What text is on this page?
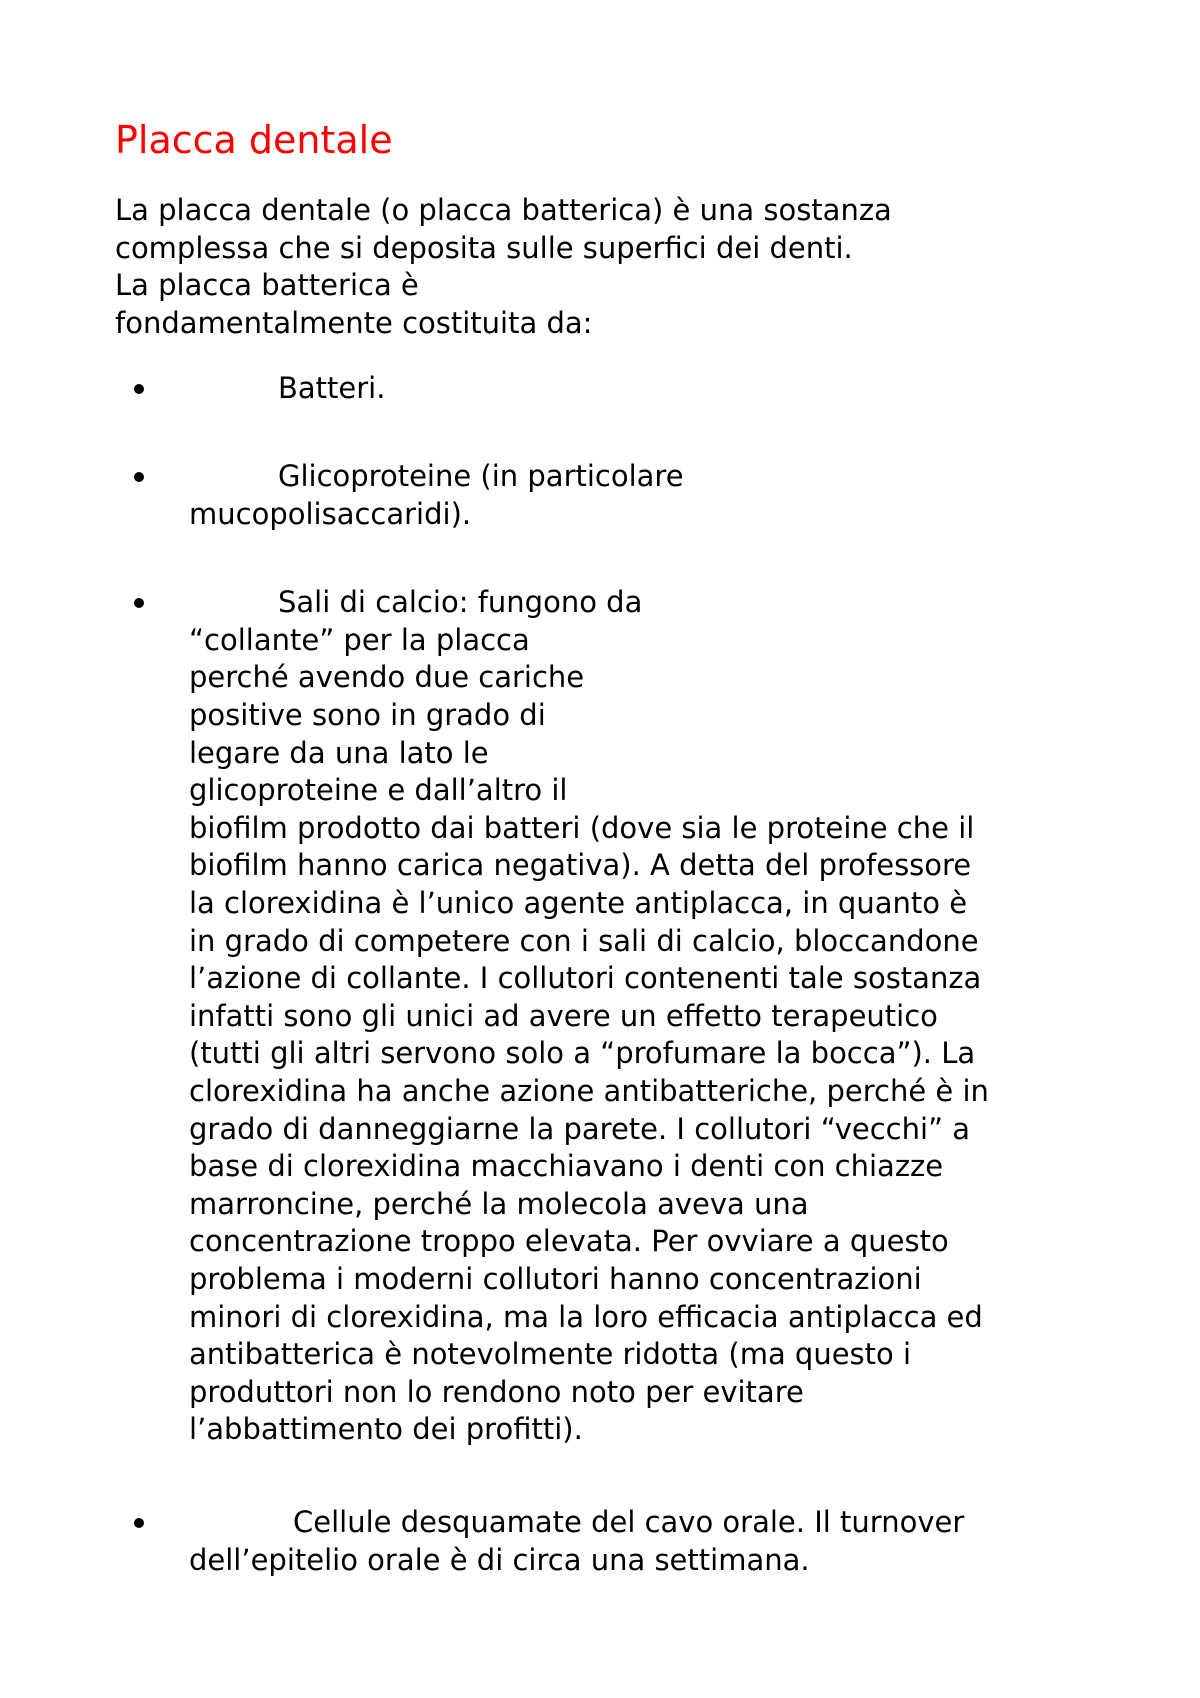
Placca dentale
La placca dentale (o placca batterica) è una sostanza
complessa che si deposita sulle superfici dei denti.
La placca batterica è
fondamentalmente costituita da:
Batteri.
Glicoproteine (in particolare
mucopolisaccaridi).
Sali di calcio: fungono da
“collante” per la placca
perché avendo due cariche
positive sono in grado di
legare da una lato le
glicoproteine e dall’altro il
biofilm prodotto dai batteri (dove sia le proteine che il
biofilm hanno carica negativa). A detta del professore
la clorexidina è l’unico agente antiplacca, in quanto è
in grado di competere con i sali di calcio, bloccandone
l’azione di collante. I collutori contenenti tale sostanza
infatti sono gli unici ad avere un effetto terapeutico
(tutti gli altri servono solo a “profumare la bocca”). La
clorexidina ha anche azione antibatteriche, perché è in
grado di danneggiarne la parete. I collutori “vecchi” a
base di clorexidina macchiavano i denti con chiazze
marroncine, perché la molecola aveva una
concentrazione troppo elevata. Per ovviare a questo
problema i moderni collutori hanno concentrazioni
minori di clorexidina, ma la loro efficacia antiplacca ed
antibatterica è notevolmente ridotta (ma questo i
produttori non lo rendono noto per evitare
l’abbattimento dei profitti).
Cellule desquamate del cavo orale. Il turnover
dell’epitelio orale è di circa una settimana.
